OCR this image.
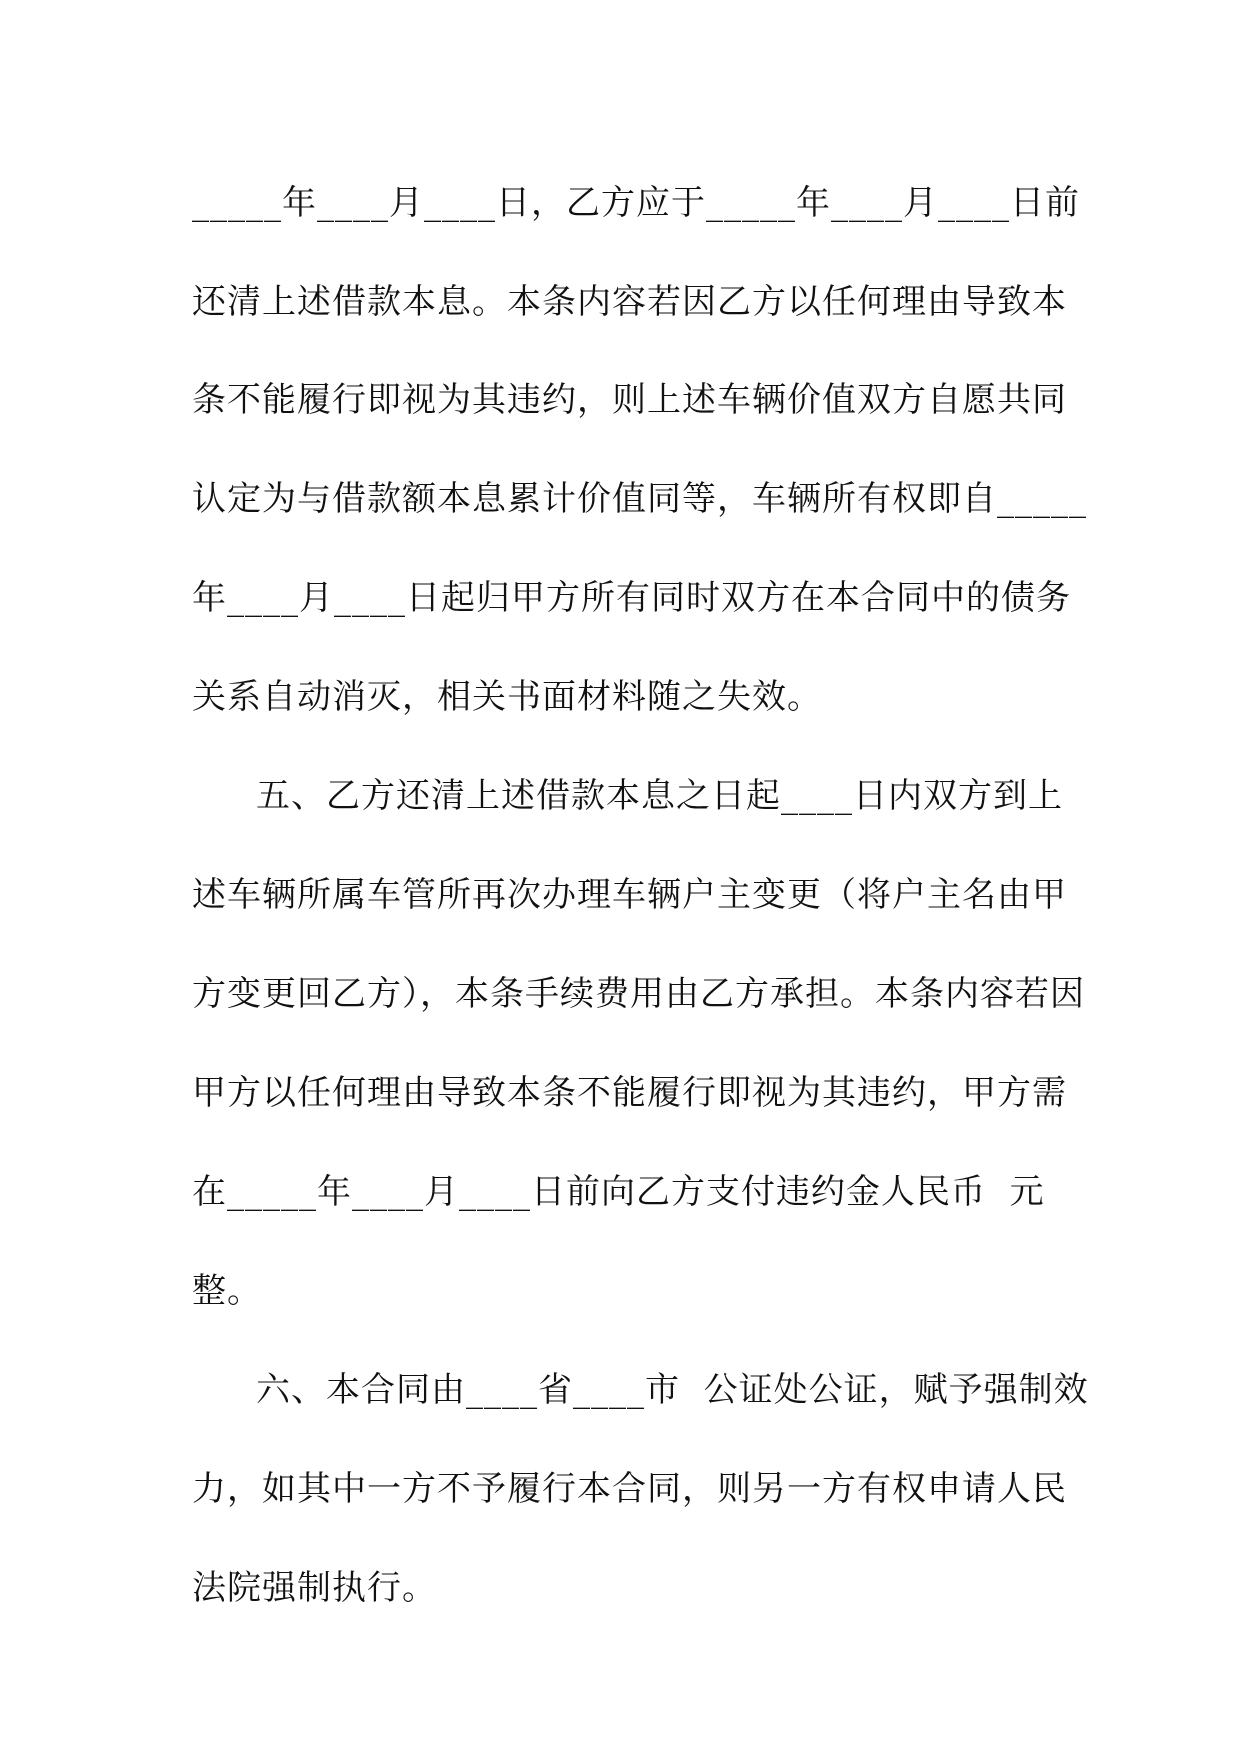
_____年____月____日，乙方应于_____年____月____日前
还清上述借款本息。本条内容若因乙方以任何理由导致本
条不能履行即视为其违约，则上述车辆价值双方自愿共同
认定为与借款额本息累计价值同等，车辆所有权即自_____
年____月____日起归甲方所有同时双方在本合同中的债务
关系自动消灭，相关书面材料随之失效。
五、乙方还清上述借款本息之日起____日内双方到上
述车辆所属车管所再次办理车辆户主变更（将户主名由甲
方变更回乙方），本条手续费用由乙方承担。本条内容若因
甲方以任何理由导致本条不能履行即视为其违约，甲方需
在_____年____月____日前向乙方支付违约金人民币  元
整。
六、本合同由____省____市  公证处公证，赋予强制效
力，如其中一方不予履行本合同，则另一方有权申请人民
法院强制执行。
